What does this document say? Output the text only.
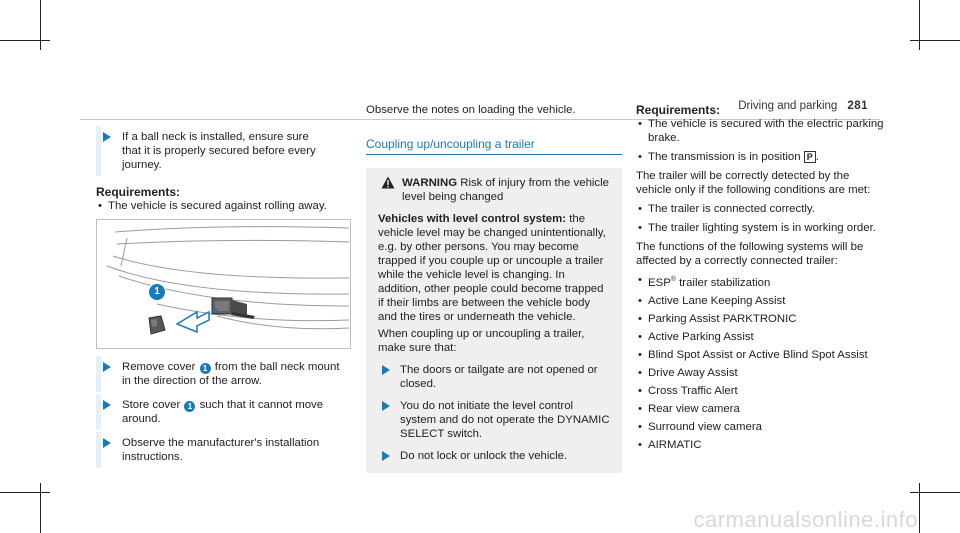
Driving and parking 281
If a ball neck is installed, ensure sure that it is properly secured before every journey.
Requirements:
• The vehicle is secured against rolling away.
1
Remove cover 1 from the ball neck mount in the direction of the arrow.
Store cover 1 such that it cannot move around.
Observe the manufacturer's installation instructions.
Observe the notes on loading the vehicle.
Coupling up/uncoupling a trailer
WARNING Risk of injury from the vehicle level being changed
Vehicles with level control system: the vehicle level may be changed unintentionally, e.g. by other persons. You may become trapped if you couple up or uncouple a trailer while the vehicle level is changing. In addition, other people could become trapped if their limbs are between the vehicle body and the tires or underneath the vehicle.
When coupling up or uncoupling a trailer, make sure that:
The doors or tailgate are not opened or closed.
You do not initiate the level control system and do not operate the DYNAMIC SELECT switch.
Do not lock or unlock the vehicle.
Requirements:
• The vehicle is secured with the electric parking brake.
• The transmission is in position P .
The trailer will be correctly detected by the vehicle only if the following conditions are met:
• The trailer is connected correctly.
• The trailer lighting system is in working order.
The functions of the following systems will be affected by a correctly connected trailer:
• ESP® trailer stabilization
• Active Lane Keeping Assist
• Parking Assist PARKTRONIC
• Active Parking Assist
• Blind Spot Assist or Active Blind Spot Assist
• Drive Away Assist
• Cross Traffic Alert
• Rear view camera
• Surround view camera
• AIRMATIC
carmanualsonline.info
